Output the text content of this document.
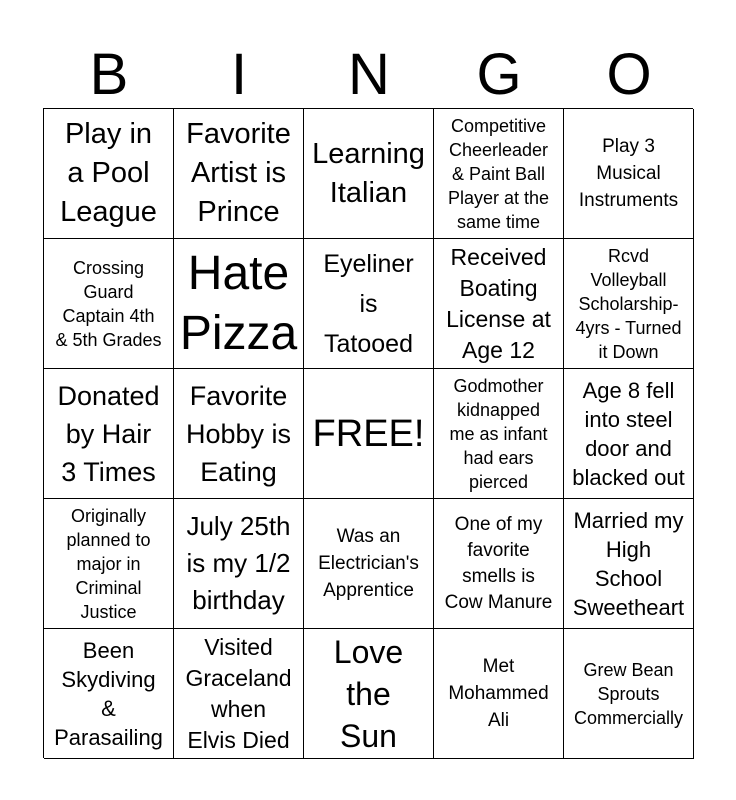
B	I	N	G	O
Play in
a Pool
League
Favorite
Artist is
Prince
Learning
Italian
Competitive
Cheerleader
& Paint Ball
Player at the
same time
Play 3
Musical
Instruments
Crossing
Guard
Captain 4th
& 5th Grades
Hate
Pizza
Eyeliner
is
Tatooed
Received
Boating
License at
Age 12
Rcvd
Volleyball
Scholarship-
4yrs - Turned
it Down
Donated
by Hair
3 Times
Favorite
Hobby is
Eating
FREE!
Godmother
kidnapped
me as infant
had ears
pierced
Age 8 fell
into steel
door and
blacked out
Originally
planned to
major in
Criminal
Justice
July 25th
is my 1/2
birthday
Was an
Electrician's
Apprentice
One of my
favorite
smells is
Cow Manure
Married my
High
School
Sweetheart
Been
Skydiving
&
Parasailing
Visited
Graceland
when
Elvis Died
Love
the
Sun
Met
Mohammed
Ali
Grew Bean
Sprouts
Commercially
